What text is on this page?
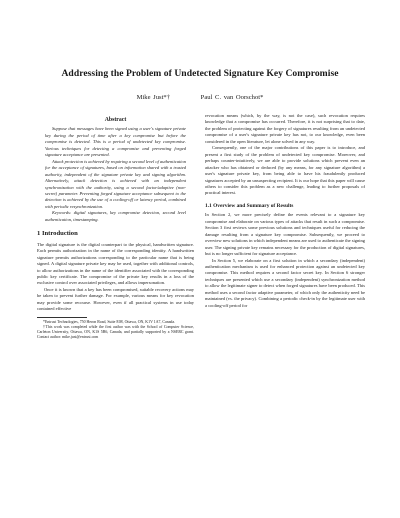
Addressing the Problem of Undetected Signature Key Compromise
Mike Just*†	Paul C. van Oorschot*
Abstract

Suppose that messages have been signed using a user's signature private key during the period of time after a key compromise but before the compromise is detected. This is a period of undetected key compromise. Various techniques for detecting a compromise and preventing forged signature acceptance are presented.

Attack protection is achieved by requiring a second level of authentication for the acceptance of signatures, based on information shared with a trusted authority, independent of the signature private key and signing algorithm. Alternatively, attack detection is achieved with an independent synchronization with the authority, using a second factor/adaptive (non-secret) parameter. Preventing forged signature acceptance subsequent to the detection is achieved by the use of a cooling-off or latency period, combined with periodic resynchronization.

Keywords: digital signatures, key compromise detection, second level authentication, timestamping.

1 Introduction

The digital signature is the digital counterpart to the physical, handwritten signature. Each permits authorization in the name of the corresponding identity. A handwritten signature permits authorizations corresponding to the particular name that is being signed. A digital signature private key may be used, together with additional controls, to allow authorizations in the name of the identifier associated with the corresponding public key certificate. The compromise of the private key results in a loss of the exclusive control over associated privileges, and allows impersonation.

Once it is known that a key has been compromised, suitable recovery actions may be taken to prevent further damage. For example, various means for key revocation may provide some recourse. However, even if all practical systems in use today contained effective

*Entrust Technologies, 750 Heron Road, Suite E08, Ottawa, ON, K1V 1A7, Canada.

†This work was completed while the first author was with the School of Computer Science, Carleton University, Ottawa, ON, K1S 5B6, Canada, and partially supported by a NSERC grant. Contact author: mike.just@entrust.com

revocation means (which, by the way, is not the case), such revocation requires knowledge that a compromise has occurred. Therefore, it is not surprising that to date, the problem of protecting against the forgery of signatures resulting from an undetected compromise of a user's signature private key has not, to our knowledge, even been considered in the open literature, let alone solved in any way.

Consequently, one of the major contributions of this paper is to introduce, and present a first study of the problem of undetected key compromise. Moreover, and perhaps counter-intuitively, we are able to provide solutions which prevent even an attacker who has obtained or deduced (by any means, for any signature algorithm) a user's signature private key, from being able to have his fraudulently produced signatures accepted by an unsuspecting recipient. It is our hope that this paper will cause others to consider this problem as a new challenge, leading to further proposals of practical interest.

1.1 Overview and Summary of Results

In Section 2, we more precisely define the events relevant to a signature key compromise and elaborate on various types of attacks that result in such a compromise. Section 3 first reviews some previous solutions and techniques useful for reducing the damage resulting from a signature key compromise. Subsequently, we proceed to overview new solutions in which independent means are used to authenticate the signing user. The signing private key remains necessary for the production of digital signatures, but is no longer sufficient for signature acceptance.

In Section 5, we elaborate on a first solution in which a secondary (independent) authentication mechanism is used for enhanced protection against an undetected key compromise. This method requires a second factor secret key. In Section 6 stronger techniques are presented which use a secondary (independent) synchronization method to allow the legitimate signer to detect when forged signatures have been produced. This method uses a second factor adaptive parameter, of which only the authenticity need be maintained (vs. the privacy). Combining a periodic check-in by the legitimate user with a cooling-off period for
